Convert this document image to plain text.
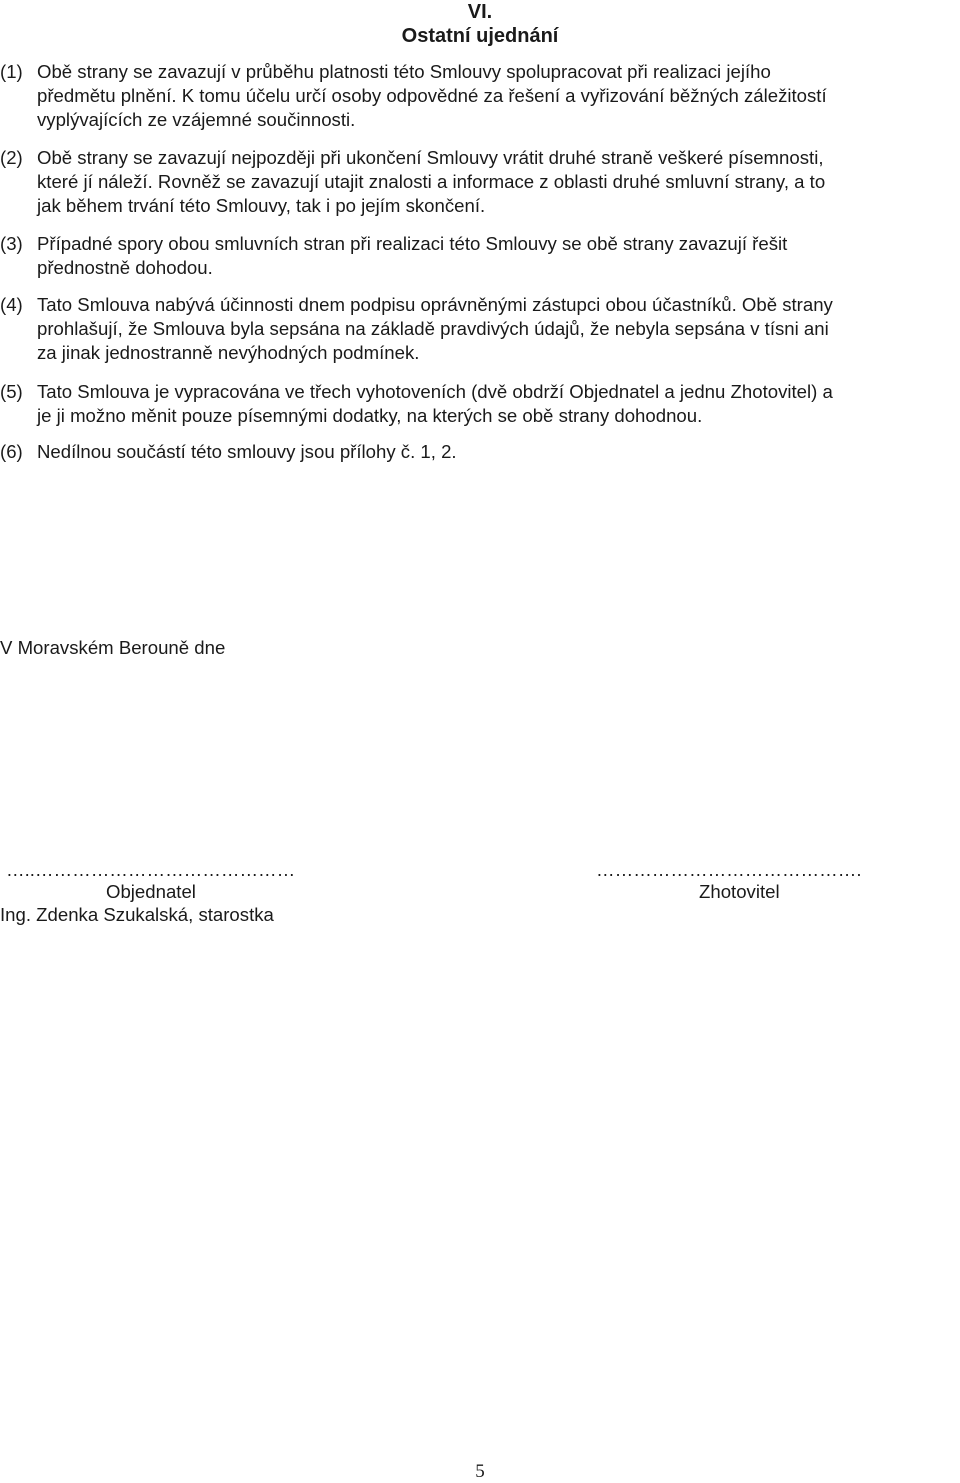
VI.
Ostatní ujednání
(1) Obě strany se zavazují v průběhu platnosti této Smlouvy spolupracovat při realizaci jejího
předmětu plnění. K tomu účelu určí osoby odpovědné za řešení a vyřizování běžných záležitostí
vyplývajících ze vzájemné součinnosti.
(2) Obě strany se zavazují nejpozději při ukončení Smlouvy vrátit druhé straně veškeré písemnosti,
které jí náleží. Rovněž se zavazují utajit znalosti a informace z oblasti druhé smluvní strany, a to
jak během trvání této Smlouvy, tak i po jejím skončení.
(3) Případné spory obou smluvních stran při realizaci této Smlouvy se obě strany zavazují řešit
přednostně dohodou.
(4) Tato Smlouva nabývá účinnosti dnem podpisu oprávněnými zástupci obou účastníků. Obě strany
prohlašují, že Smlouva byla sepsána na základě pravdivých údajů, že nebyla sepsána v tísni ani
za jinak jednostranně nevýhodných podmínek.
(5) Tato Smlouva je vypracována ve třech vyhotoveních (dvě obdrží Objednatel a jednu Zhotovitel) a
je ji možno měnit pouze písemnými dodatky, na kterých se obě strany dohodnou.
(6) Nedílnou součástí této smlouvy jsou přílohy č. 1, 2.
V Moravském Berouně dne
…..……………………………………
Objednatel
Ing. Zdenka Szukalská, starostka
…………………………………….
Zhotovitel
5
